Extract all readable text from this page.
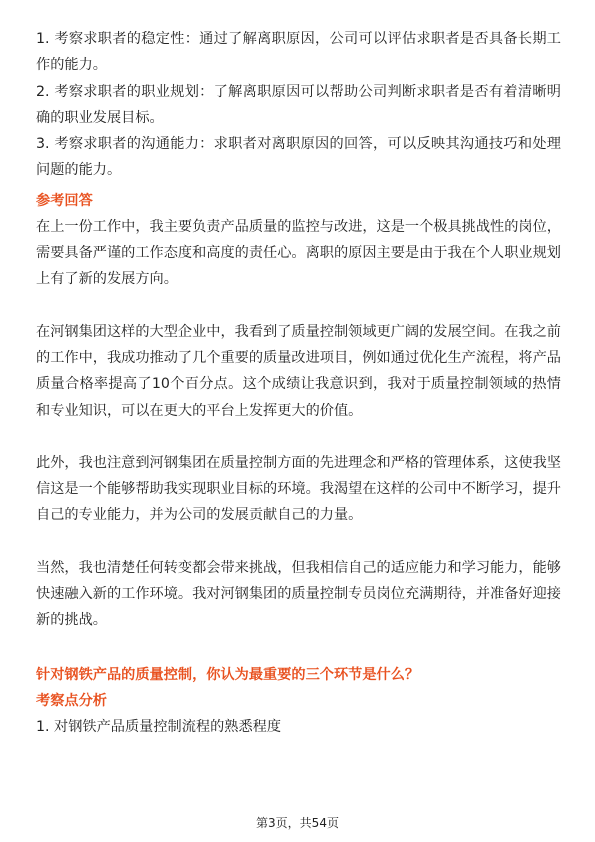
1. 考察求职者的稳定性：通过了解离职原因，公司可以评估求职者是否具备长期工作的能力。

2. 考察求职者的职业规划：了解离职原因可以帮助公司判断求职者是否有着清晰明确的职业发展目标。

3. 考察求职者的沟通能力：求职者对离职原因的回答，可以反映其沟通技巧和处理问题的能力。

参考回答

在上一份工作中，我主要负责产品质量的监控与改进，这是一个极具挑战性的岗位，需要具备严谨的工作态度和高度的责任心。离职的原因主要是由于我在个人职业规划上有了新的发展方向。

在河钢集团这样的大型企业中，我看到了质量控制领域更广阔的发展空间。在我之前的工作中，我成功推动了几个重要的质量改进项目，例如通过优化生产流程，将产品质量合格率提高了10个百分点。这个成绩让我意识到，我对于质量控制领域的热情和专业知识，可以在更大的平台上发挥更大的价值。

此外，我也注意到河钢集团在质量控制方面的先进理念和严格的管理体系，这使我坚信这是一个能够帮助我实现职业目标的环境。我渴望在这样的公司中不断学习，提升自己的专业能力，并为公司的发展贡献自己的力量。

当然，我也清楚任何转变都会带来挑战，但我相信自己的适应能力和学习能力，能够快速融入新的工作环境。我对河钢集团的质量控制专员岗位充满期待，并准备好迎接新的挑战。

针对钢铁产品的质量控制，你认为最重要的三个环节是什么？

考察点分析

1. 对钢铁产品质量控制流程的熟悉程度

第3页，共54页
